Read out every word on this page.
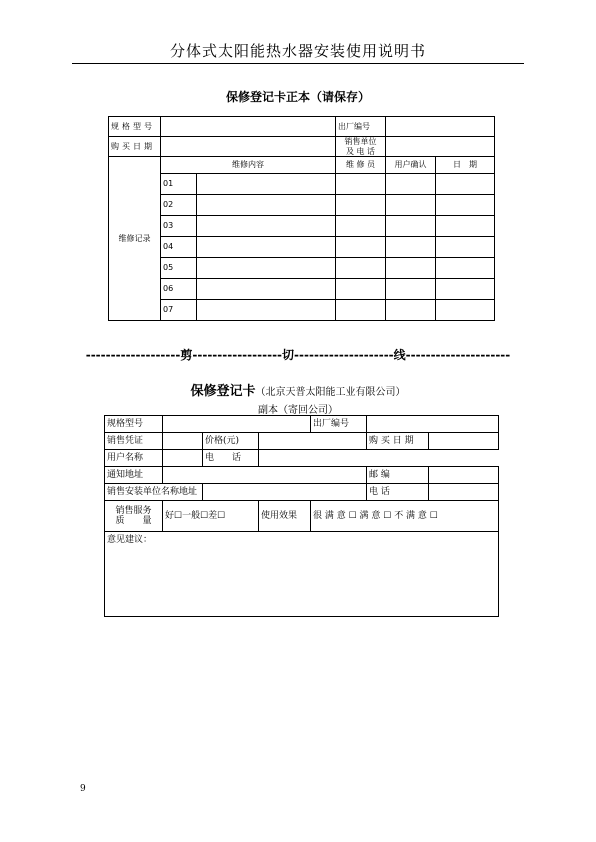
分体式太阳能热水器安装使用说明书
保修登记卡正本（请保存）
规格型号			出厂编号		
购买日期			销售单位
及 电 话		
维修记录	维修内容		维 修 员	用户确认	日　期
	01				
	02				
	03				
	04				
	05				
	06				
	07				
-------------------剪------------------切--------------------线---------------------
保修登记卡（北京天普太阳能工业有限公司）
副本（寄回公司）
规格型号				出厂编号		
销售凭证		价格(元)			购 买 日 期	
用户名称		电　　话				
通知地址					邮 编	
销售安装单位名称地址					电 话	
销售服务
质　　量	好☐一般☐差☐		使用效果	很 满 意 ☐ 满 意 ☐ 不 满 意 ☐		
意见建议：						
9
